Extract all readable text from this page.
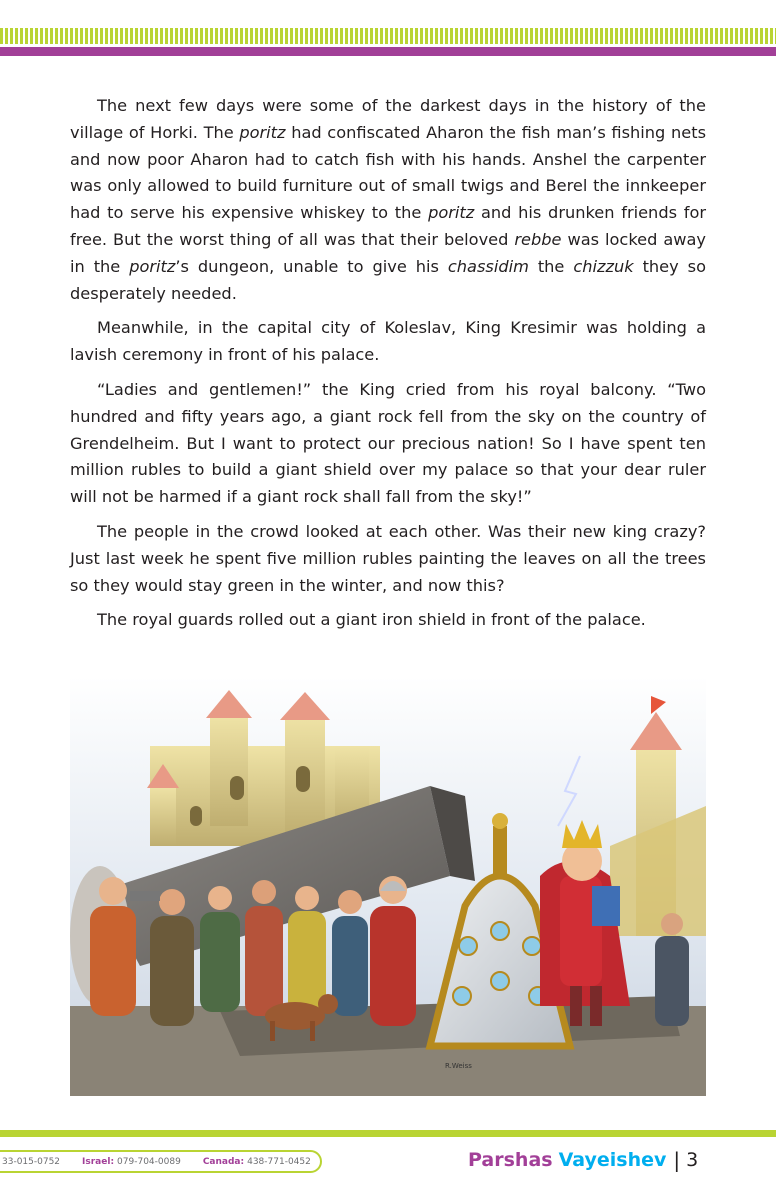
The next few days were some of the darkest days in the history of the village of Horki. The poritz had confiscated Aharon the fish man’s fishing nets and now poor Aharon had to catch fish with his hands. Anshel the carpenter was only allowed to build furniture out of small twigs and Berel the innkeeper had to serve his expensive whiskey to the poritz and his drunken friends for free. But the worst thing of all was that their beloved rebbe was locked away in the poritz’s dungeon, unable to give his chassidim the chizzuk they so desperately needed.

Meanwhile, in the capital city of Koleslav, King Kresimir was holding a lavish ceremony in front of his palace.

“Ladies and gentlemen!” the King cried from his royal balcony. “Two hundred and fifty years ago, a giant rock fell from the sky on the country of Grendelheim. But I want to protect our precious nation! So I have spent ten million rubles to build a giant shield over my palace so that your dear ruler will not be harmed if a giant rock shall fall from the sky!”

The people in the crowd looked at each other. Was their new king crazy? Just last week he spent five million rubles painting the leaves on all the trees so they would stay green in the winter, and now this?

The royal guards rolled out a giant iron shield in front of the palace.

R.Weiss
33-015-0752 Israel: 079-704-0089 Canada: 438-771-0452	Parshas Vayeishev | 3
